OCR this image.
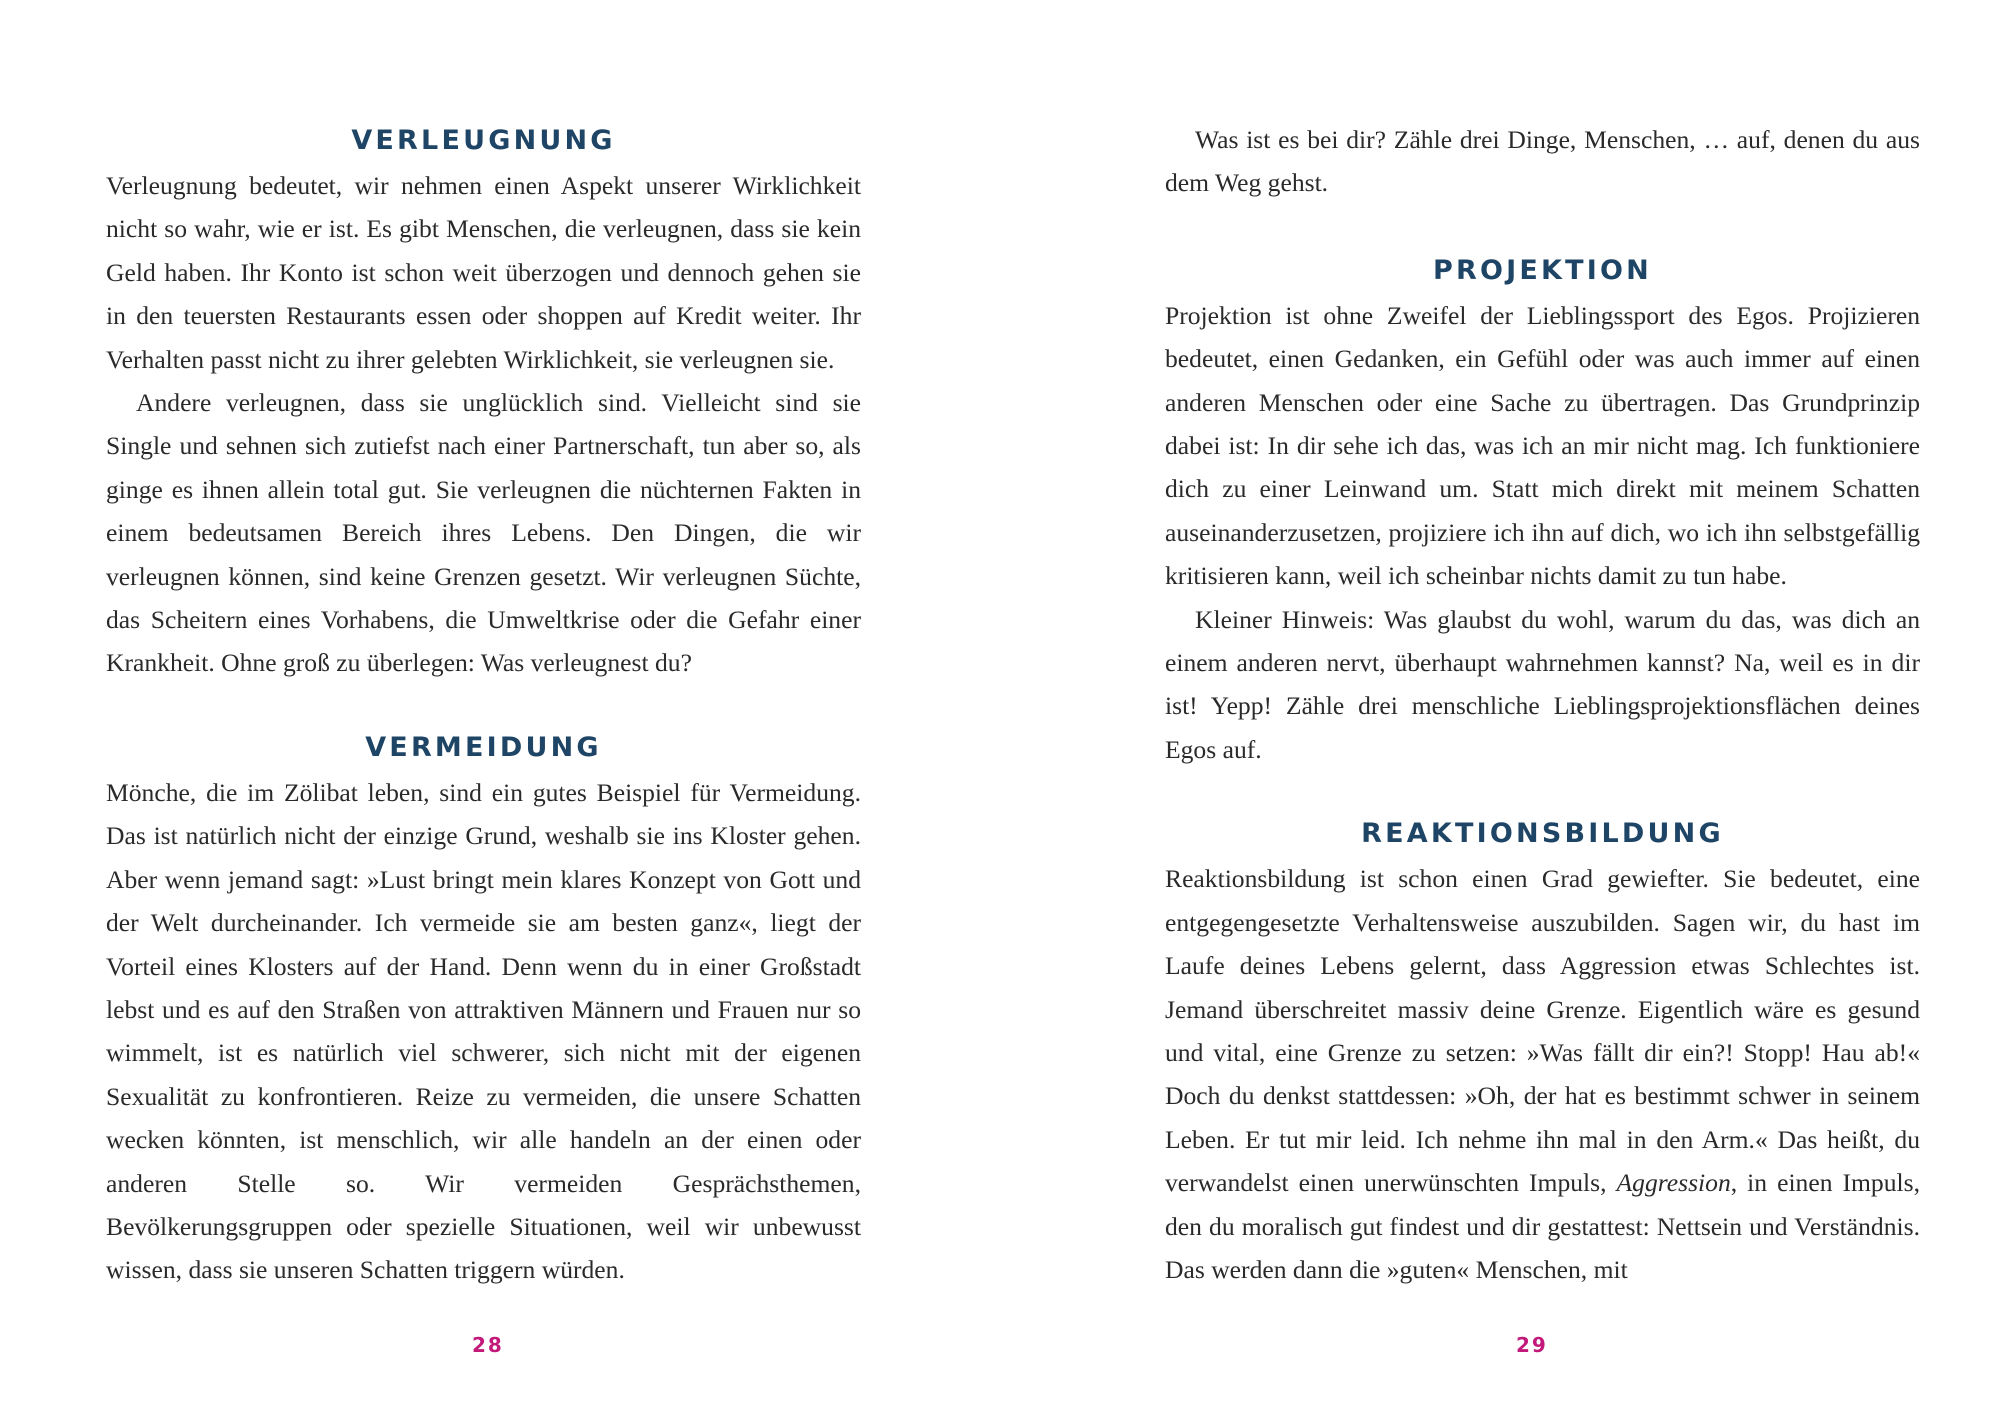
VERLEUGNUNG

Verleugnung bedeutet, wir nehmen einen Aspekt unserer Wirklichkeit nicht so wahr, wie er ist. Es gibt Menschen, die verleugnen, dass sie kein Geld haben. Ihr Konto ist schon weit überzogen und dennoch gehen sie in den teuersten Restaurants essen oder shoppen auf Kredit weiter. Ihr Verhalten passt nicht zu ihrer gelebten Wirklichkeit, sie verleugnen sie.

Andere verleugnen, dass sie unglücklich sind. Vielleicht sind sie Single und sehnen sich zutiefst nach einer Partnerschaft, tun aber so, als ginge es ihnen allein total gut. Sie verleugnen die nüchternen Fakten in einem bedeutsamen Bereich ihres Lebens. Den Dingen, die wir verleugnen können, sind keine Grenzen gesetzt. Wir verleugnen Süchte, das Scheitern eines Vorhabens, die Umweltkrise oder die Gefahr einer Krankheit. Ohne groß zu überlegen: Was verleugnest du?

VERMEIDUNG

Mönche, die im Zölibat leben, sind ein gutes Beispiel für Vermeidung. Das ist natürlich nicht der einzige Grund, weshalb sie ins Kloster gehen. Aber wenn jemand sagt: »Lust bringt mein klares Konzept von Gott und der Welt durcheinander. Ich vermeide sie am besten ganz«, liegt der Vorteil eines Klosters auf der Hand. Denn wenn du in einer Großstadt lebst und es auf den Straßen von attraktiven Männern und Frauen nur so wimmelt, ist es natürlich viel schwerer, sich nicht mit der eigenen Sexualität zu konfrontieren. Reize zu vermeiden, die unsere Schatten wecken könnten, ist menschlich, wir alle handeln an der einen oder anderen Stelle so. Wir vermeiden Gesprächsthemen, Bevölkerungsgruppen oder spezielle Situationen, weil wir unbewusst wissen, dass sie unseren Schatten triggern würden.

28

Was ist es bei dir? Zähle drei Dinge, Menschen, … auf, denen du aus dem Weg gehst.

PROJEKTION

Projektion ist ohne Zweifel der Lieblingssport des Egos. Projizieren bedeutet, einen Gedanken, ein Gefühl oder was auch immer auf einen anderen Menschen oder eine Sache zu übertragen. Das Grundprinzip dabei ist: In dir sehe ich das, was ich an mir nicht mag. Ich funktioniere dich zu einer Leinwand um. Statt mich direkt mit meinem Schatten auseinanderzusetzen, projiziere ich ihn auf dich, wo ich ihn selbstgefällig kritisieren kann, weil ich scheinbar nichts damit zu tun habe.

Kleiner Hinweis: Was glaubst du wohl, warum du das, was dich an einem anderen nervt, überhaupt wahrnehmen kannst? Na, weil es in dir ist! Yepp! Zähle drei menschliche Lieblingsprojektionsflächen deines Egos auf.

REAKTIONSBILDUNG

Reaktionsbildung ist schon einen Grad gewiefter. Sie bedeutet, eine entgegengesetzte Verhaltensweise auszubilden. Sagen wir, du hast im Laufe deines Lebens gelernt, dass Aggression etwas Schlechtes ist. Jemand überschreitet massiv deine Grenze. Eigentlich wäre es gesund und vital, eine Grenze zu setzen: »Was fällt dir ein?! Stopp! Hau ab!« Doch du denkst stattdessen: »Oh, der hat es bestimmt schwer in seinem Leben. Er tut mir leid. Ich nehme ihn mal in den Arm.« Das heißt, du verwandelst einen unerwünschten Impuls, Aggression, in einen Impuls, den du moralisch gut findest und dir gestattest: Nettsein und Verständnis. Das werden dann die »guten« Menschen, mit

29
